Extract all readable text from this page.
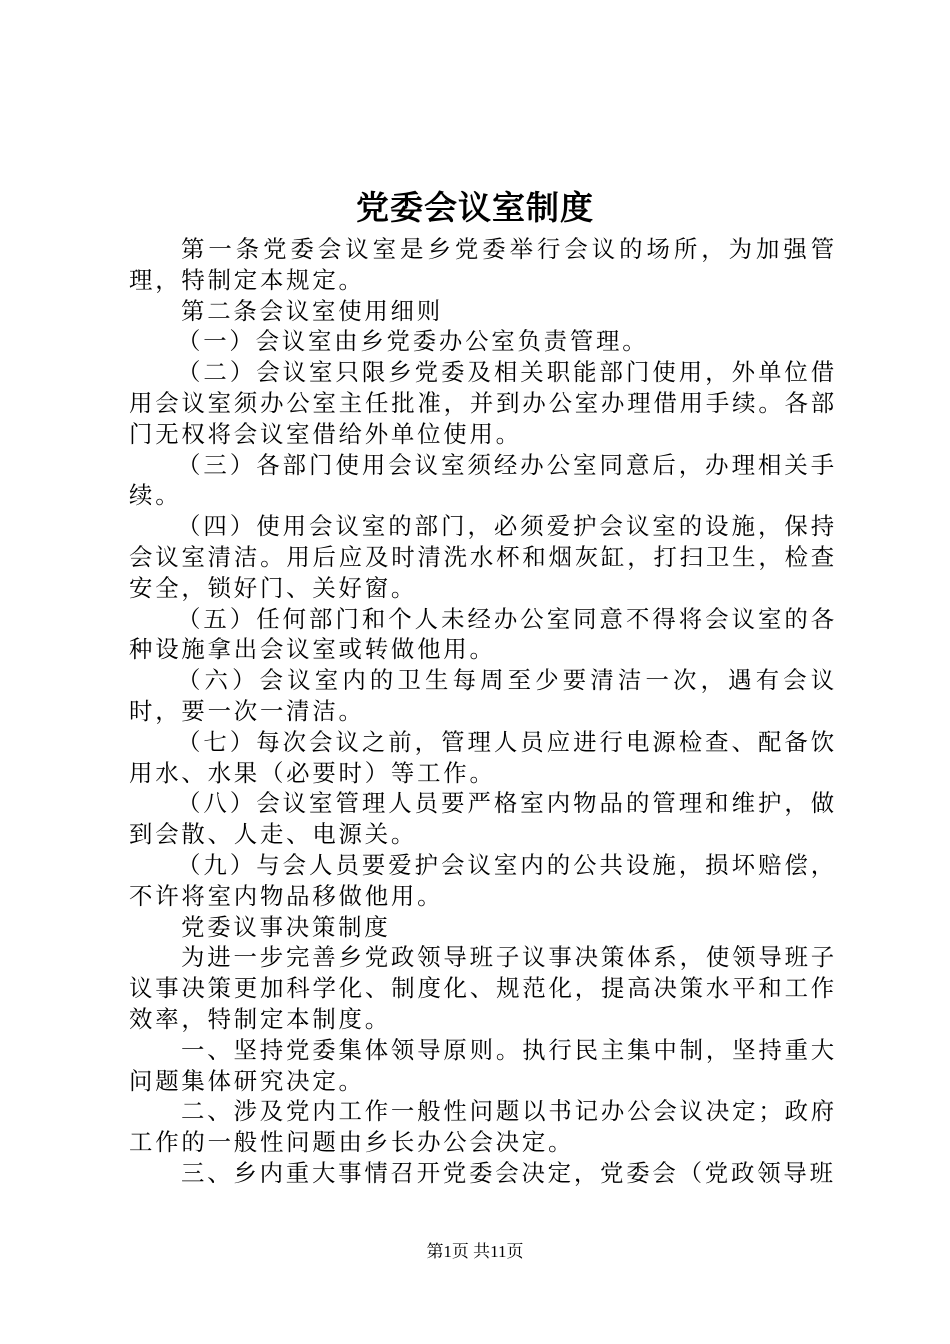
党委会议室制度

第一条党委会议室是乡党委举行会议的场所，为加强管理，特制定本规定。

第二条会议室使用细则

（一）会议室由乡党委办公室负责管理。

（二）会议室只限乡党委及相关职能部门使用，外单位借用会议室须办公室主任批准，并到办公室办理借用手续。各部门无权将会议室借给外单位使用。

（三）各部门使用会议室须经办公室同意后，办理相关手续。

（四）使用会议室的部门，必须爱护会议室的设施，保持会议室清洁。用后应及时清洗水杯和烟灰缸，打扫卫生，检查安全，锁好门、关好窗。

（五）任何部门和个人未经办公室同意不得将会议室的各种设施拿出会议室或转做他用。

（六）会议室内的卫生每周至少要清洁一次，遇有会议时，要一次一清洁。

（七）每次会议之前，管理人员应进行电源检查、配备饮用水、水果（必要时）等工作。

（八）会议室管理人员要严格室内物品的管理和维护，做到会散、人走、电源关。

（九）与会人员要爱护会议室内的公共设施，损坏赔偿，不许将室内物品移做他用。

党委议事决策制度

为进一步完善乡党政领导班子议事决策体系，使领导班子议事决策更加科学化、制度化、规范化，提高决策水平和工作效率，特制定本制度。

一、坚持党委集体领导原则。执行民主集中制，坚持重大问题集体研究决定。

二、涉及党内工作一般性问题以书记办公会议决定；政府工作的一般性问题由乡长办公会决定。

三、乡内重大事情召开党委会决定，党委会（党政领导班

第1页 共11页
